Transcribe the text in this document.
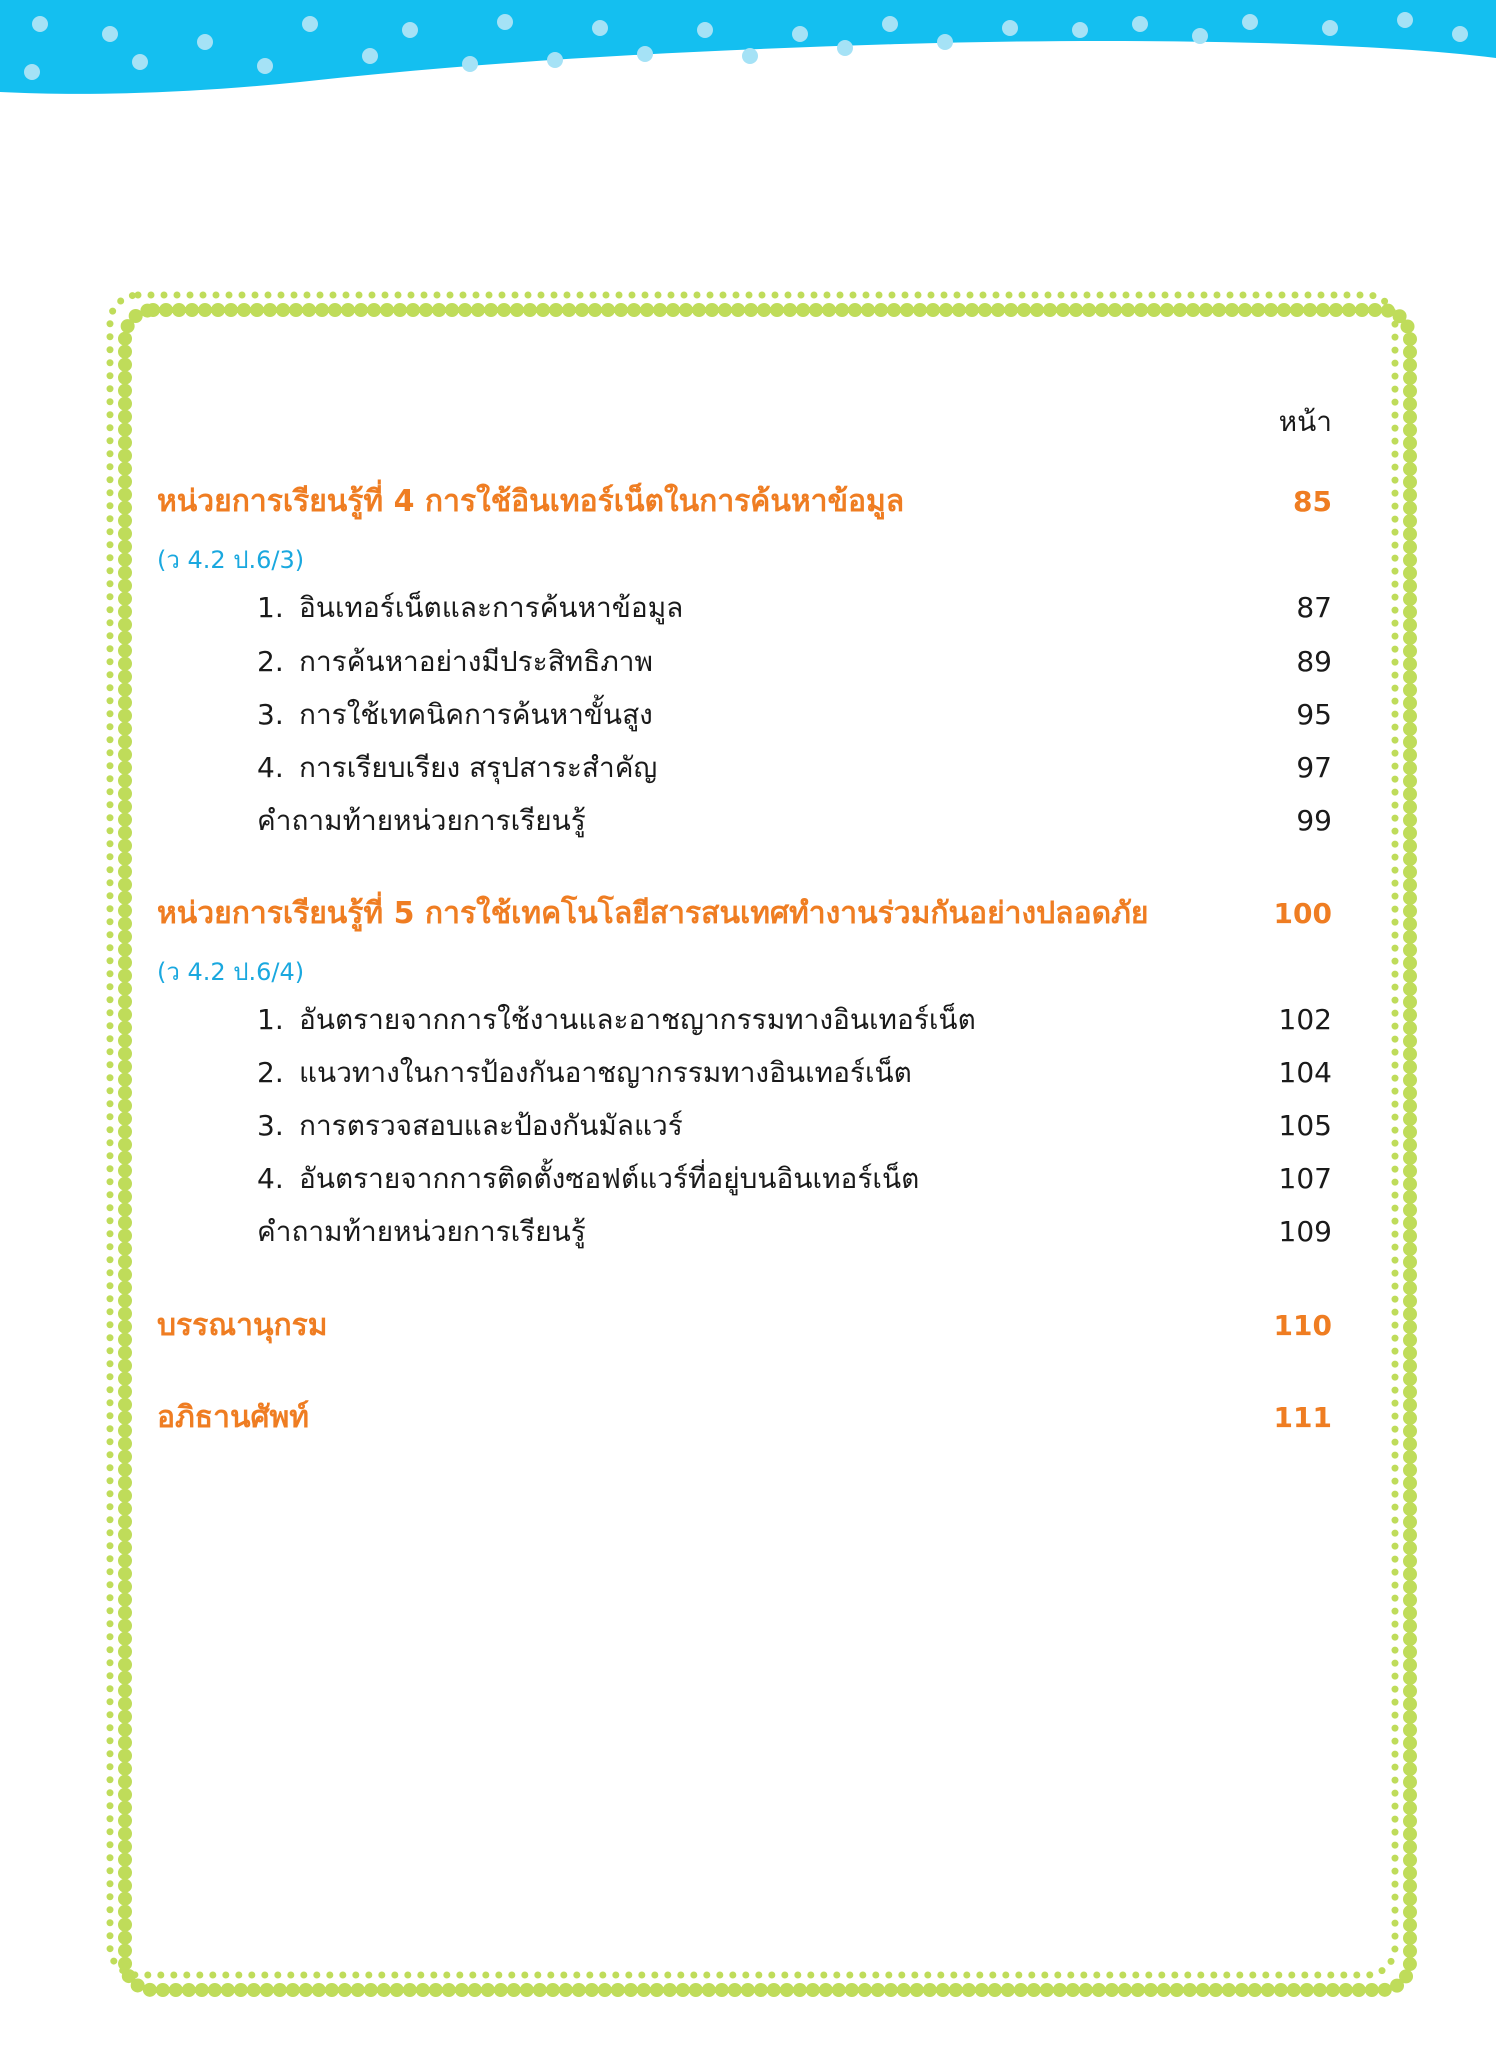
หน้า
หน่วยการเรียนรู้ที่ 4 การใช้อินเทอร์เน็ตในการค้นหาข้อมูล	85
(ว 4.2 ป.6/3)
1. อินเทอร์เน็ตและการค้นหาข้อมูล	87
2. การค้นหาอย่างมีประสิทธิภาพ	89
3. การใช้เทคนิคการค้นหาขั้นสูง	95
4. การเรียบเรียง สรุปสาระสำคัญ	97
คำถามท้ายหน่วยการเรียนรู้	99
หน่วยการเรียนรู้ที่ 5 การใช้เทคโนโลยีสารสนเทศทำงานร่วมกันอย่างปลอดภัย	100
(ว 4.2 ป.6/4)
1. อันตรายจากการใช้งานและอาชญากรรมทางอินเทอร์เน็ต	102
2. แนวทางในการป้องกันอาชญากรรมทางอินเทอร์เน็ต	104
3. การตรวจสอบและป้องกันมัลแวร์	105
4. อันตรายจากการติดตั้งซอฟต์แวร์ที่อยู่บนอินเทอร์เน็ต	107
คำถามท้ายหน่วยการเรียนรู้	109
บรรณานุกรม	110
อภิธานศัพท์	111
